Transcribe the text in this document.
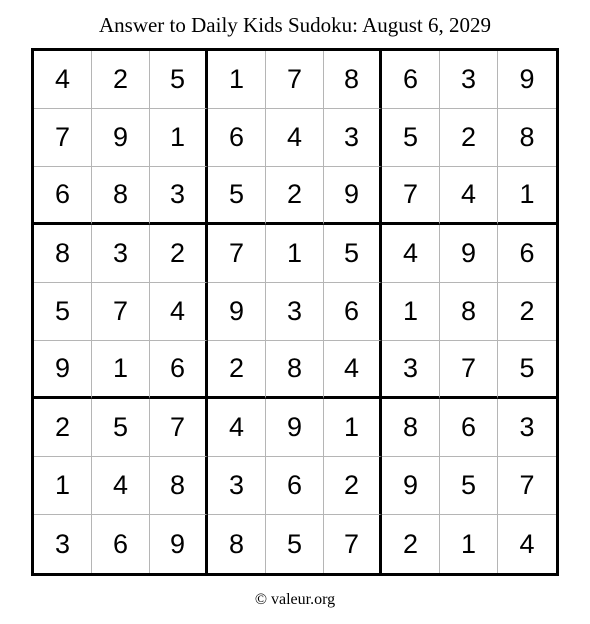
Answer to Daily Kids Sudoku: August 6, 2029
4	2	5	1	7	8	6	3	9
7	9	1	6	4	3	5	2	8
6	8	3	5	2	9	7	4	1
8	3	2	7	1	5	4	9	6
5	7	4	9	3	6	1	8	2
9	1	6	2	8	4	3	7	5
2	5	7	4	9	1	8	6	3
1	4	8	3	6	2	9	5	7
3	6	9	8	5	7	2	1	4
© valeur.org
